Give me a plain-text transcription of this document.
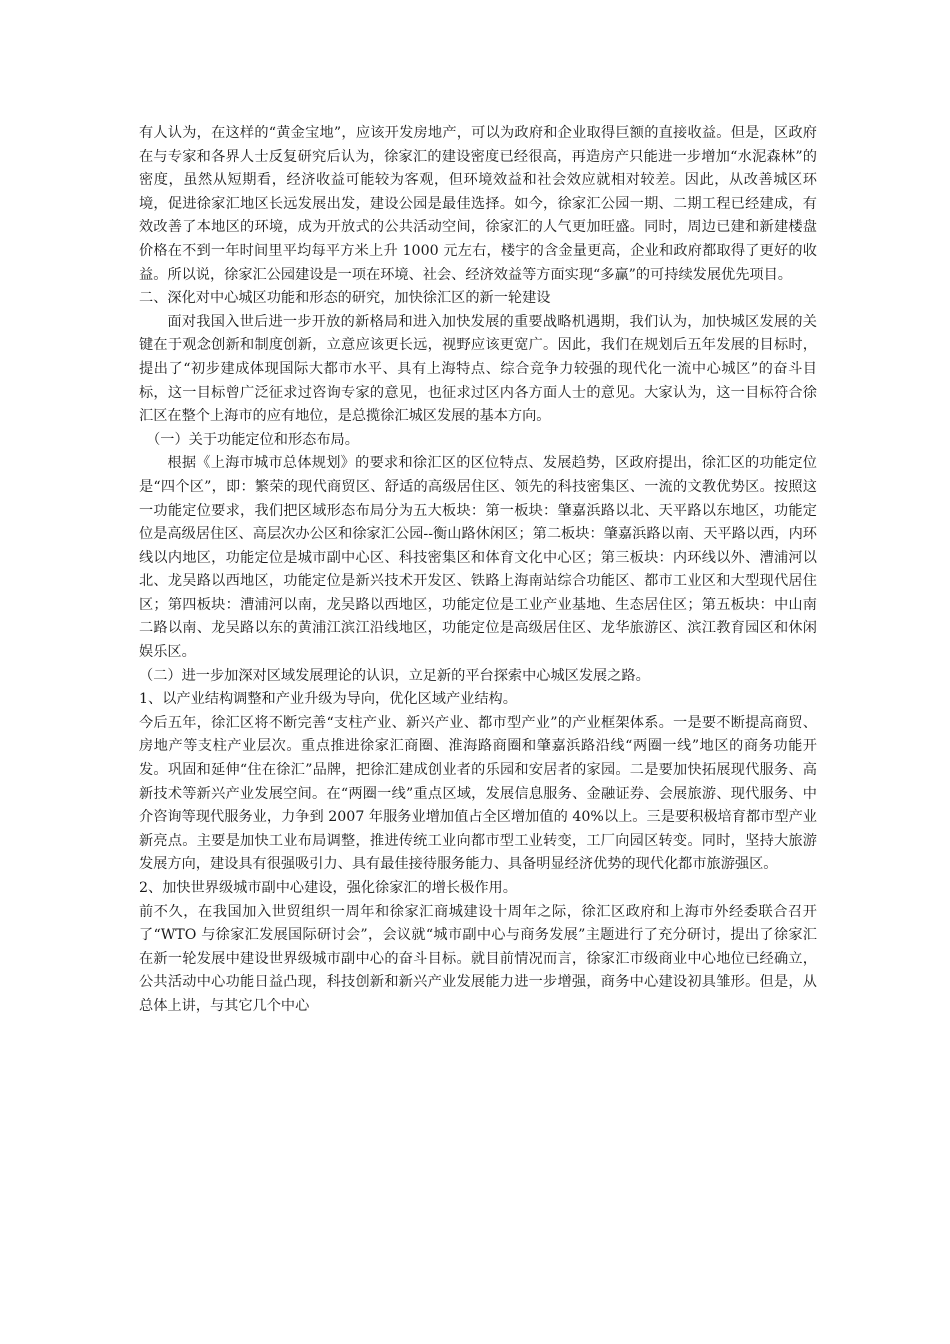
有人认为，在这样的“黄金宝地”，应该开发房地产，可以为政府和企业取得巨额的直接收益。但是，区政府在与专家和各界人士反复研究后认为，徐家汇的建设密度已经很高，再造房产只能进一步增加“水泥森林”的密度，虽然从短期看，经济收益可能较为客观，但环境效益和社会效应就相对较差。因此，从改善城区环境，促进徐家汇地区长远发展出发，建设公园是最佳选择。如今，徐家汇公园一期、二期工程已经建成，有效改善了本地区的环境，成为开放式的公共活动空间，徐家汇的人气更加旺盛。同时，周边已建和新建楼盘价格在不到一年时间里平均每平方米上升 1000 元左右，楼宇的含金量更高，企业和政府都取得了更好的收益。所以说，徐家汇公园建设是一项在环境、社会、经济效益等方面实现“多赢”的可持续发展优先项目。

二、深化对中心城区功能和形态的研究，加快徐汇区的新一轮建设

面对我国入世后进一步开放的新格局和进入加快发展的重要战略机遇期，我们认为，加快城区发展的关键在于观念创新和制度创新，立意应该更长远，视野应该更宽广。因此，我们在规划后五年发展的目标时，提出了“初步建成体现国际大都市水平、具有上海特点、综合竞争力较强的现代化一流中心城区”的奋斗目标，这一目标曾广泛征求过咨询专家的意见，也征求过区内各方面人士的意见。大家认为，这一目标符合徐汇区在整个上海市的应有地位，是总揽徐汇城区发展的基本方向。

（一）关于功能定位和形态布局。

根据《上海市城市总体规划》的要求和徐汇区的区位特点、发展趋势，区政府提出，徐汇区的功能定位是“四个区”，即：繁荣的现代商贸区、舒适的高级居住区、领先的科技密集区、一流的文教优势区。按照这一功能定位要求，我们把区域形态布局分为五大板块：第一板块：肇嘉浜路以北、天平路以东地区，功能定位是高级居住区、高层次办公区和徐家汇公园--衡山路休闲区；第二板块：肇嘉浜路以南、天平路以西，内环线以内地区，功能定位是城市副中心区、科技密集区和体育文化中心区；第三板块：内环线以外、漕浦河以北、龙吴路以西地区，功能定位是新兴技术开发区、铁路上海南站综合功能区、都市工业区和大型现代居住区；第四板块：漕浦河以南，龙吴路以西地区，功能定位是工业产业基地、生态居住区；第五板块：中山南二路以南、龙吴路以东的黄浦江滨江沿线地区，功能定位是高级居住区、龙华旅游区、滨江教育园区和休闲娱乐区。

（二）进一步加深对区域发展理论的认识，立足新的平台探索中心城区发展之路。

1、以产业结构调整和产业升级为导向，优化区域产业结构。

今后五年，徐汇区将不断完善“支柱产业、新兴产业、都市型产业”的产业框架体系。一是要不断提高商贸、房地产等支柱产业层次。重点推进徐家汇商圈、淮海路商圈和肇嘉浜路沿线“两圈一线”地区的商务功能开发。巩固和延伸“住在徐汇”品牌，把徐汇建成创业者的乐园和安居者的家园。二是要加快拓展现代服务、高新技术等新兴产业发展空间。在“两圈一线”重点区域，发展信息服务、金融证券、会展旅游、现代服务、中介咨询等现代服务业，力争到 2007 年服务业增加值占全区增加值的 40%以上。三是要积极培育都市型产业新亮点。主要是加快工业布局调整，推进传统工业向都市型工业转变，工厂向园区转变。同时，坚持大旅游发展方向，建设具有很强吸引力、具有最佳接待服务能力、具备明显经济优势的现代化都市旅游强区。

2、加快世界级城市副中心建设，强化徐家汇的增长极作用。

前不久，在我国加入世贸组织一周年和徐家汇商城建设十周年之际，徐汇区政府和上海市外经委联合召开了“WTO 与徐家汇发展国际研讨会”，会议就“城市副中心与商务发展”主题进行了充分研讨，提出了徐家汇在新一轮发展中建设世界级城市副中心的奋斗目标。就目前情况而言，徐家汇市级商业中心地位已经确立，公共活动中心功能日益凸现，科技创新和新兴产业发展能力进一步增强，商务中心建设初具雏形。但是，从总体上讲，与其它几个中心
